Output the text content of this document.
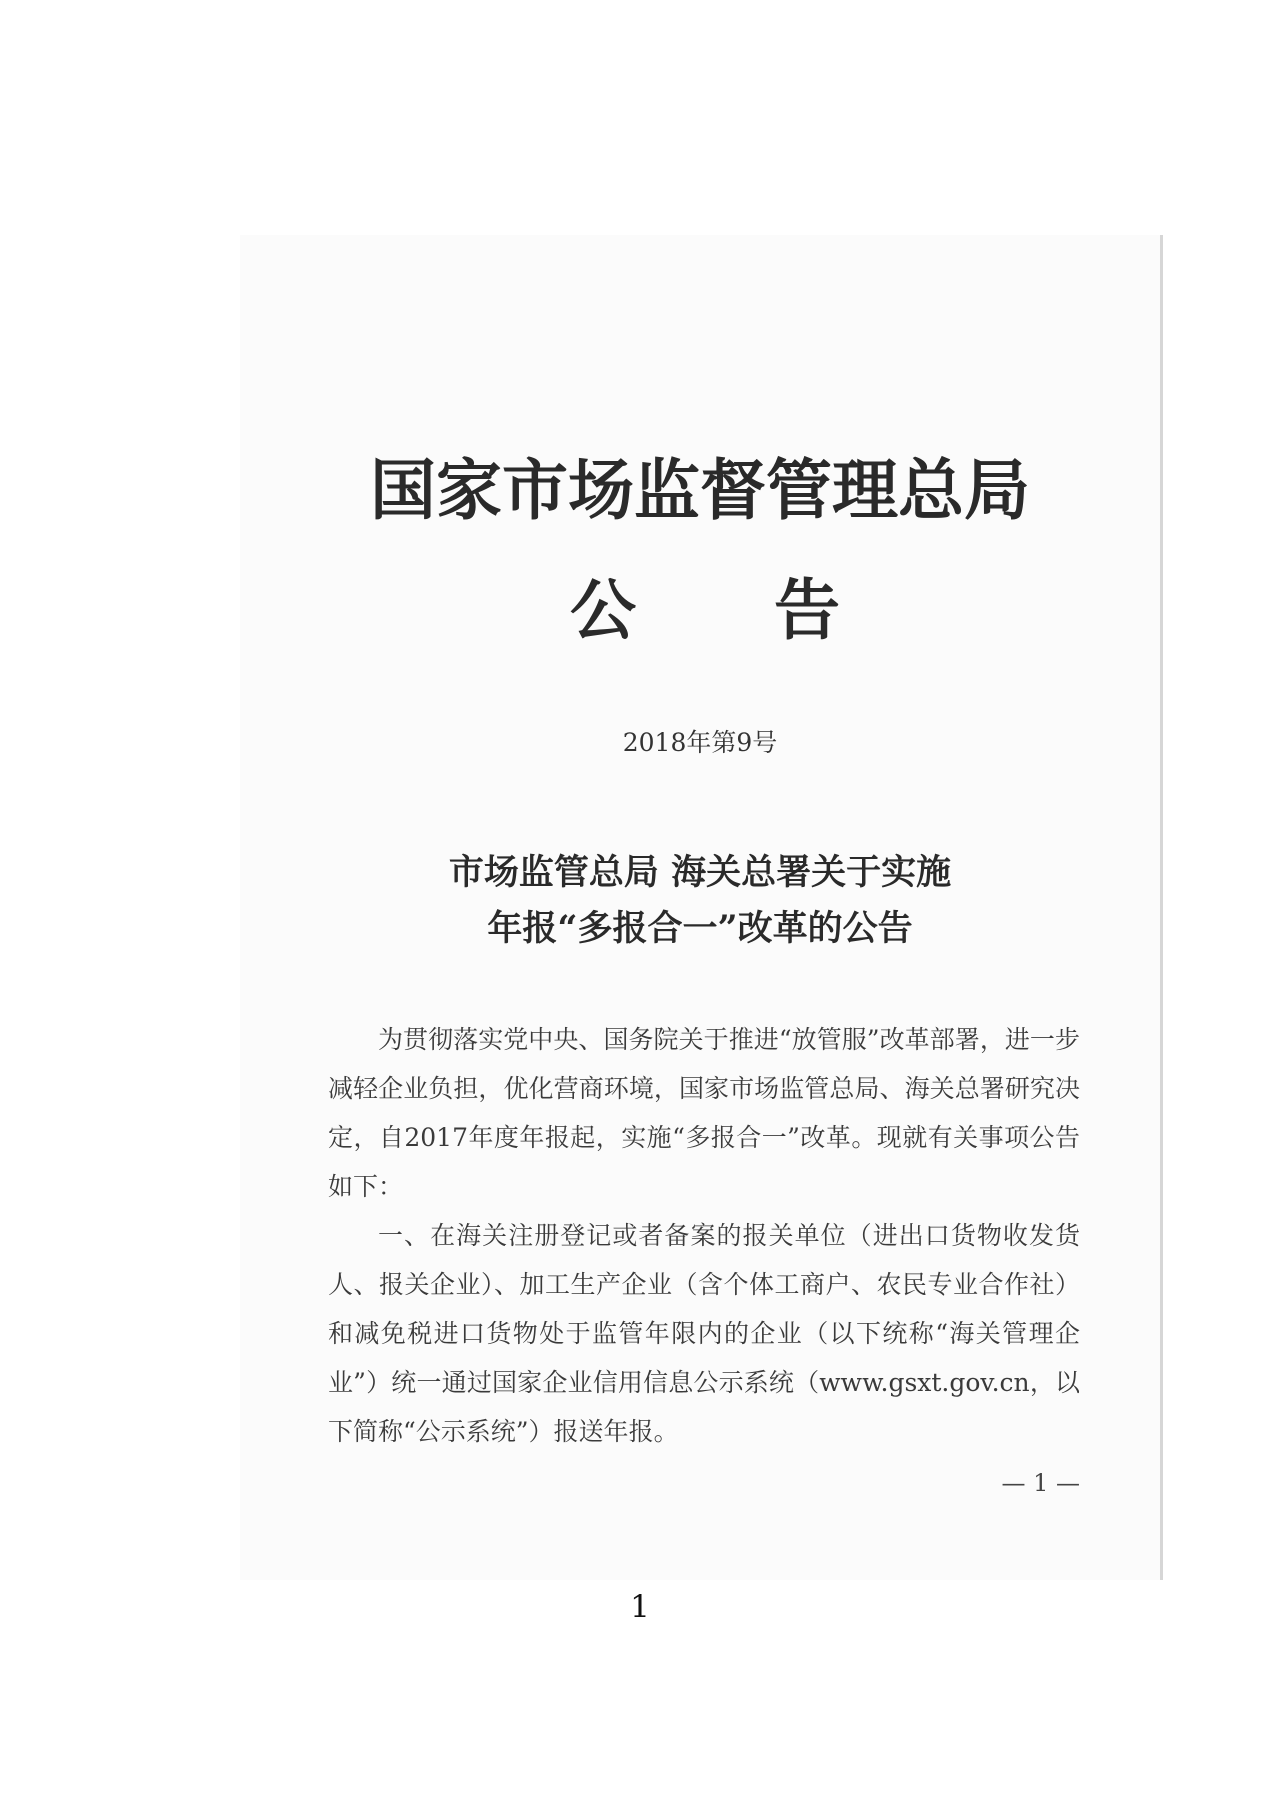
国家市场监督管理总局
公 告
2018年第9号
市场监管总局 海关总署关于实施
年报“多报合一”改革的公告

为贯彻落实党中央、国务院关于推进“放管服”改革部署，进一步减轻企业负担，优化营商环境，国家市场监管总局、海关总署研究决定，自2017年度年报起，实施“多报合一”改革。现就有关事项公告如下：

一、在海关注册登记或者备案的报关单位（进出口货物收发货人、报关企业）、加工生产企业（含个体工商户、农民专业合作社）和减免税进口货物处于监管年限内的企业（以下统称“海关管理企业”）统一通过国家企业信用信息公示系统（www.gsxt.gov.cn，以下简称“公示系统”）报送年报。

— 1 —
1
